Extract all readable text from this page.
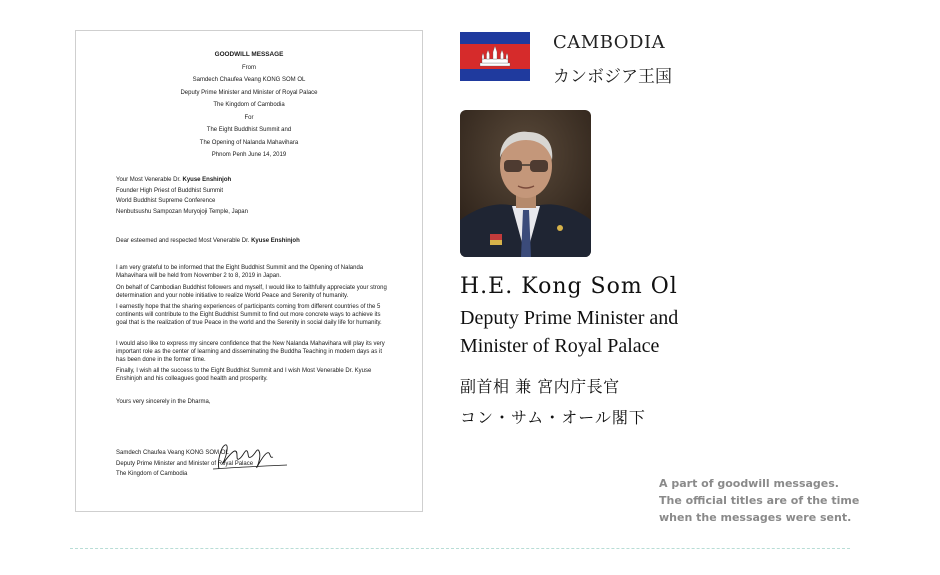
GOODWILL MESSAGE
From
Samdech Chaufea Veang KONG SOM OL
Deputy Prime Minister and Minister of Royal Palace
The Kingdom of Cambodia
For
The Eight Buddhist Summit and
The Opening of Nalanda Mahavihara
Phnom Penh June 14, 2019
Your Most Venerable Dr. Kyuse Enshinjoh
Founder High Priest of Buddhist Summit
World Buddhist Supreme Conference
Nenbutsushu Sampozan Muryojoji Temple, Japan
Dear esteemed and respected Most Venerable Dr. Kyuse Enshinjoh
I am very grateful to be informed that the Eight Buddhist Summit and the Opening of Nalanda Mahavihara will be held from November 2 to 8, 2019 in Japan.
On behalf of Cambodian Buddhist followers and myself, I would like to faithfully appreciate your strong determination and your noble initiative to realize World Peace and Serenity of humanity.
I earnestly hope that the sharing experiences of participants coming from different countries of the 5 continents will contribute to the Eight Buddhist Summit to find out more concrete ways to achieve its goal that is the realization of true Peace in the world and the Serenity in social daily life for humanity.
I would also like to express my sincere confidence that the New Nalanda Mahavihara will play its very important role as the center of learning and disseminating the Buddha Teaching in modern days as it has been done in the former time.
Finally, I wish all the success to the Eight Buddhist Summit and I wish Most Venerable Dr. Kyuse Enshinjoh and his colleagues good health and prosperity.
Yours very sincerely in the Dharma,
Samdech Chaufea Veang KONG SOM OL
Deputy Prime Minister and Minister of Royal Palace
The Kingdom of Cambodia
CAMBODIA
カンボジア王国
H.E. Kong Som Ol
Deputy Prime Minister and
Minister of Royal Palace
副首相 兼 宮内庁長官
コン・サム・オール閣下
A part of goodwill messages.
The official titles are of the time
when the messages were sent.
